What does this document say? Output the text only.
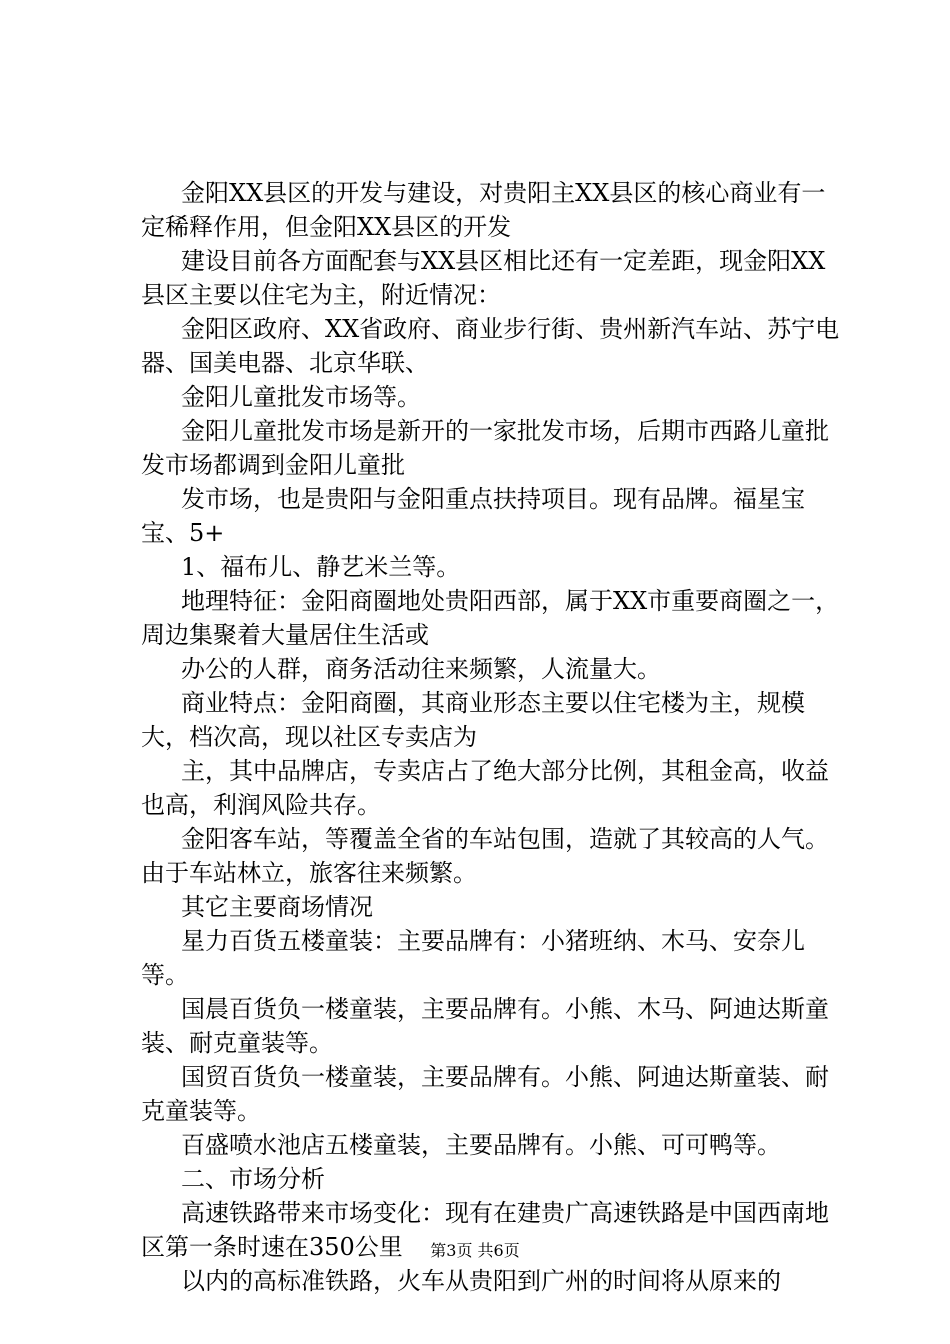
金阳XX县区的开发与建设，对贵阳主XX县区的核心商业有一定稀释作用，但金阳XX县区的开发

建设目前各方面配套与XX县区相比还有一定差距，现金阳XX县区主要以住宅为主，附近情况：

金阳区政府、XX省政府、商业步行街、贵州新汽车站、苏宁电器、国美电器、北京华联、

金阳儿童批发市场等。

金阳儿童批发市场是新开的一家批发市场，后期市西路儿童批发市场都调到金阳儿童批

发市场，也是贵阳与金阳重点扶持项目。现有品牌。福星宝宝、5+

1、福布儿、静艺米兰等。

地理特征：金阳商圈地处贵阳西部，属于XX市重要商圈之一，周边集聚着大量居住生活或

办公的人群，商务活动往来频繁，人流量大。

商业特点：金阳商圈，其商业形态主要以住宅楼为主，规模大，档次高，现以社区专卖店为

主，其中品牌店，专卖店占了绝大部分比例，其租金高，收益也高，利润风险共存。

金阳客车站，等覆盖全省的车站包围，造就了其较高的人气。由于车站林立，旅客往来频繁。

其它主要商场情况

星力百货五楼童装：主要品牌有：小猪班纳、木马、安奈儿等。

国晨百货负一楼童装，主要品牌有。小熊、木马、阿迪达斯童装、耐克童装等。

国贸百货负一楼童装，主要品牌有。小熊、阿迪达斯童装、耐克童装等。

百盛喷水池店五楼童装，主要品牌有。小熊、可可鸭等。

二、市场分析

高速铁路带来市场变化：现有在建贵广高速铁路是中国西南地区第一条时速在350公里

以内的高标准铁路，火车从贵阳到广州的时间将从原来的

第3页 共6页
